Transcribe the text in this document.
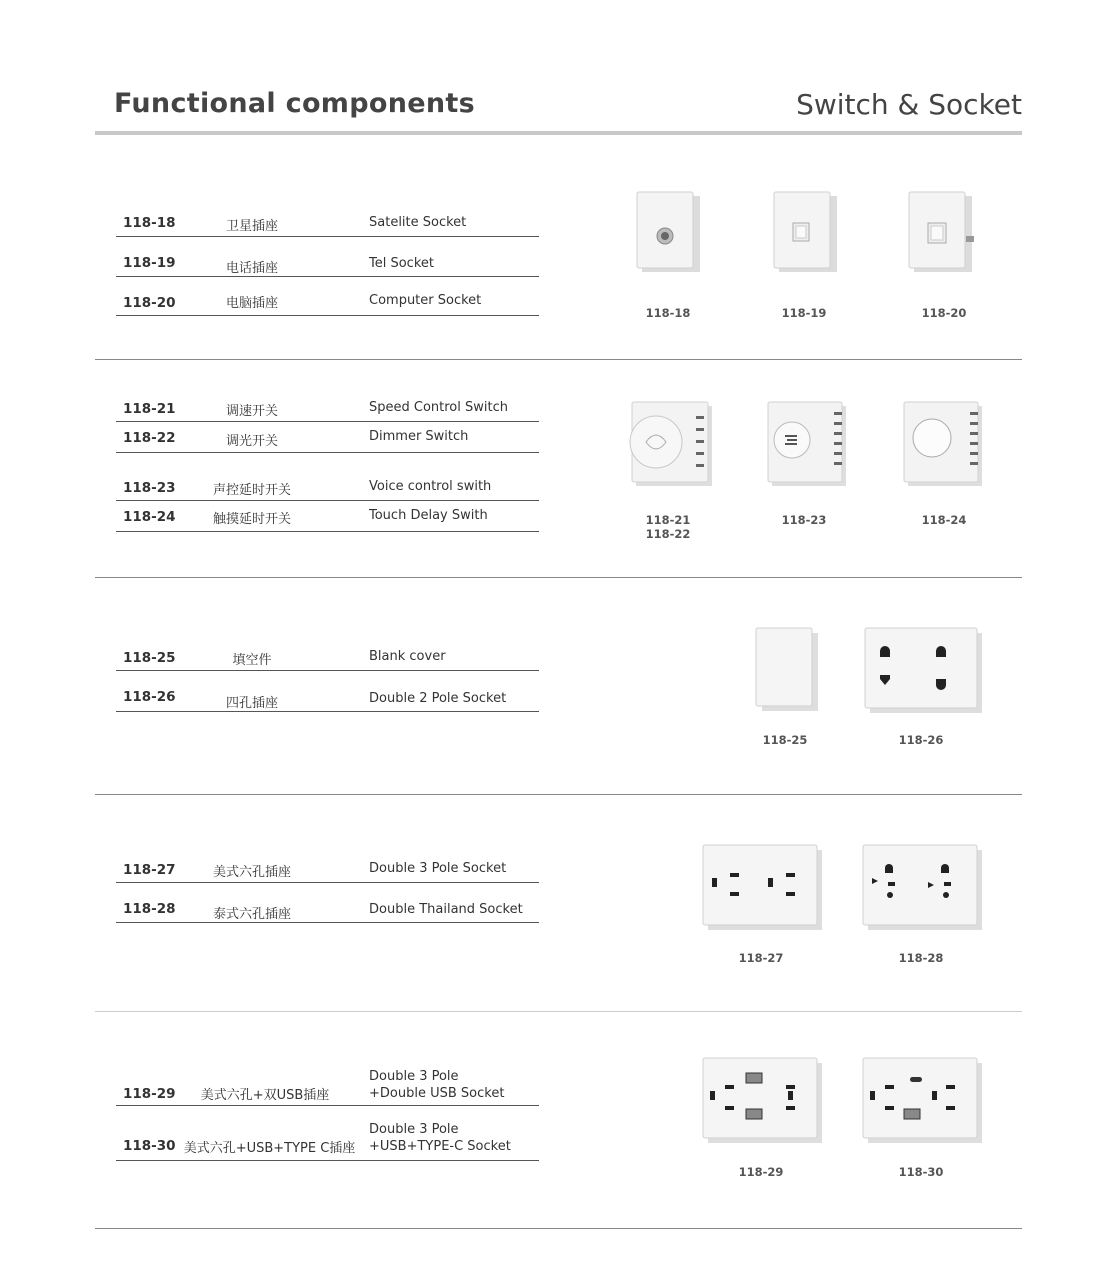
Functional components	Switch & Socket
118-18	卫星插座	Satelite Socket
118-19	电话插座	Tel Socket
118-20	电脑插座	Computer Socket
118-18	118-19	118-20
118-21	调速开关	Speed Control Switch
118-22	调光开关	Dimmer Switch
118-23	声控延时开关	Voice control swith
118-24	触摸延时开关	Touch Delay Swith	118-21
118-22
118-23	118-24
118-25	填空件	Blank cover
118-26	四孔插座	Double 2 Pole Socket
118-25	118-26
118-27	美式六孔插座	Double 3 Pole Socket
118-28	泰式六孔插座	Double Thailand Socket
118-27	118-28
118-29	美式六孔+双USB插座
Double 3 Pole
+Double USB Socket
118-30 美式六孔+USB+TYPE C插座
Double 3 Pole
+USB+TYPE-C Socket
118-29	118-30
